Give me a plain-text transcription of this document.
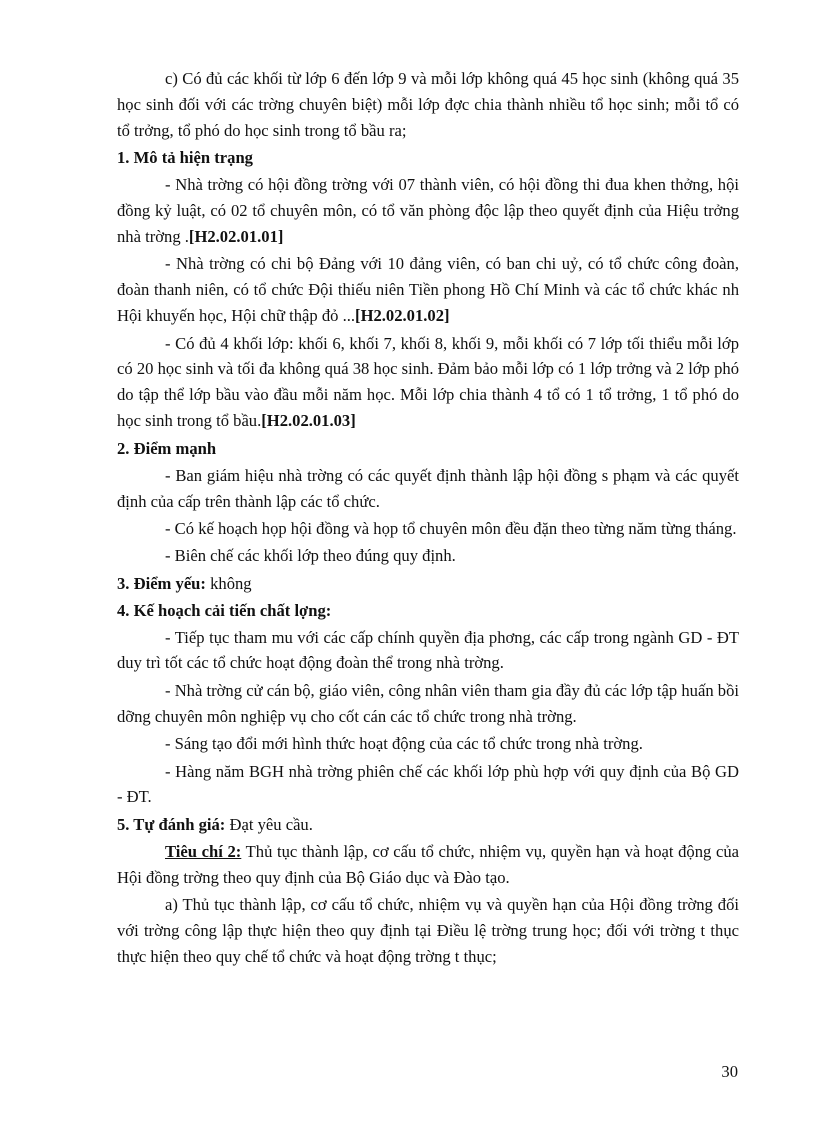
c) Có đủ các khối từ lớp 6 đến lớp 9 và mỗi lớp không quá 45 học sinh (không quá 35 học sinh đối với các trờng chuyên biệt) mỗi lớp đợc chia thành nhiều tổ học sinh; mỗi tổ có tổ trởng, tổ phó do học sinh trong tổ bầu ra;

1. Mô tả hiện trạng

- Nhà trờng có hội đồng trờng với 07 thành viên, có hội đồng thi đua khen thởng, hội đồng kỷ luật, có 02 tổ chuyên môn, có tổ văn phòng độc lập theo quyết định của Hiệu trởng nhà trờng .[H2.02.01.01]

- Nhà trờng có chi bộ Đảng với 10 đảng viên, có ban chi uỷ, có tổ chức công đoàn, đoàn thanh niên, có tổ chức Đội thiếu niên Tiền phong Hồ Chí Minh và các tổ chức khác nh Hội khuyến học, Hội chữ thập đỏ ...[H2.02.01.02]

- Có đủ 4 khối lớp: khối 6, khối 7, khối 8, khối 9, mỗi khối có 7 lớp tối thiểu mỗi lớp có 20 học sinh và tối đa không quá 38 học sinh. Đảm bảo mỗi lớp có 1 lớp trởng và 2 lớp phó do tập thể lớp bầu vào đầu mỗi năm học. Mỗi lớp chia thành 4 tổ có 1 tổ trởng, 1 tổ phó do học sinh trong tổ bầu.[H2.02.01.03]

2. Điểm mạnh

- Ban giám hiệu nhà trờng có các quyết định thành lập hội đồng s phạm và các quyết định của cấp trên thành lập các tổ chức.

- Có kế hoạch họp hội đồng và họp tổ chuyên môn đều đặn theo từng năm từng tháng.

- Biên chế các khối lớp theo đúng quy định.

3. Điểm yếu: không
4. Kế hoạch cải tiến chất lợng:

- Tiếp tục tham mu với các cấp chính quyền địa phơng, các cấp trong ngành GD - ĐT duy trì tốt các tổ chức hoạt động đoàn thể trong nhà trờng.

- Nhà trờng cử cán bộ, giáo viên, công nhân viên tham gia đầy đủ các lớp tập huấn bồi dỡng chuyên môn nghiệp vụ cho cốt cán các tổ chức trong nhà trờng.

- Sáng tạo đổi mới hình thức hoạt động của các tổ chức trong nhà trờng.

- Hàng năm BGH nhà trờng phiên chế các khối lớp phù hợp với quy định của Bộ GD - ĐT.

5. Tự đánh giá: Đạt yêu cầu.

Tiêu chí 2: Thủ tục thành lập, cơ cấu tổ chức, nhiệm vụ, quyền hạn và hoạt động của Hội đồng trờng theo quy định của Bộ Giáo dục và Đào tạo.

a) Thủ tục thành lập, cơ cấu tổ chức, nhiệm vụ và quyền hạn của Hội đồng trờng đối với trờng công lập thực hiện theo quy định tại Điều lệ trờng trung học; đối với trờng t thục thực hiện theo quy chế tổ chức và hoạt động trờng t thục;

30
